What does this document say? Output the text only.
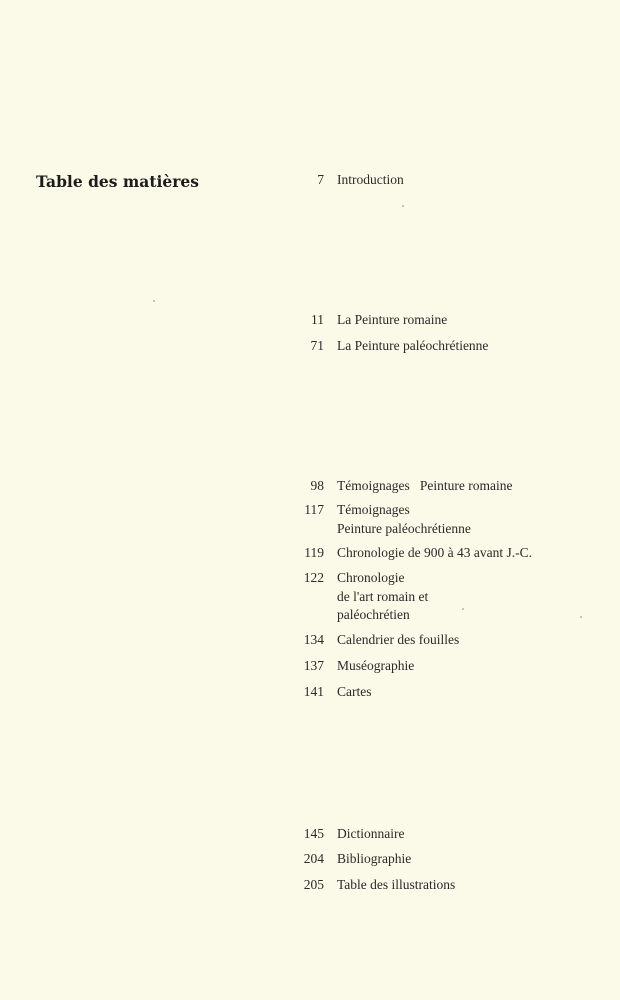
Table des matières	7 Introduction
11 La Peinture romaine
71 La Peinture paléochrétienne
98 Témoignages   Peinture romaine
117 Témoignages
Peinture paléochrétienne
119 Chronologie de 900 à 43 avant J.-C.
122 Chronologie
de l'art romain et
paléochrétien
134 Calendrier des fouilles
137 Muséographie
141 Cartes
145 Dictionnaire
204 Bibliographie
205 Table des illustrations
